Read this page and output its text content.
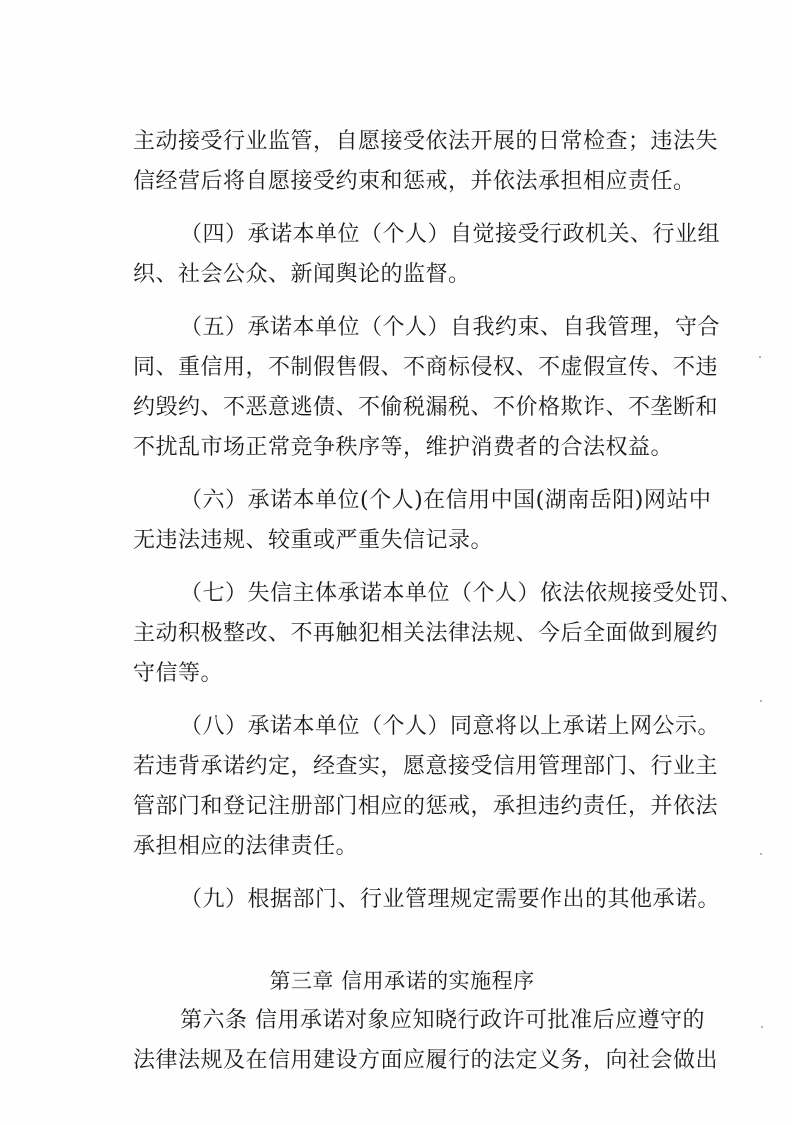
主动接受行业监管，自愿接受依法开展的日常检查；违法失
信经营后将自愿接受约束和惩戒，并依法承担相应责任。
（四）承诺本单位（个人）自觉接受行政机关、行业组
织、社会公众、新闻舆论的监督。
（五）承诺本单位（个人）自我约束、自我管理，守合
同、重信用，不制假售假、不商标侵权、不虚假宣传、不违
约毁约、不恶意逃债、不偷税漏税、不价格欺诈、不垄断和
不扰乱市场正常竞争秩序等，维护消费者的合法权益。
（六）承诺本单位(个人)在信用中国(湖南岳阳)网站中
无违法违规、较重或严重失信记录。
（七）失信主体承诺本单位（个人）依法依规接受处罚、
主动积极整改、不再触犯相关法律法规、今后全面做到履约
守信等。
（八）承诺本单位（个人）同意将以上承诺上网公示。
若违背承诺约定，经查实，愿意接受信用管理部门、行业主
管部门和登记注册部门相应的惩戒，承担违约责任，并依法
承担相应的法律责任。
（九）根据部门、行业管理规定需要作出的其他承诺。
第三章 信用承诺的实施程序
第六条 信用承诺对象应知晓行政许可批准后应遵守的
法律法规及在信用建设方面应履行的法定义务，向社会做出
